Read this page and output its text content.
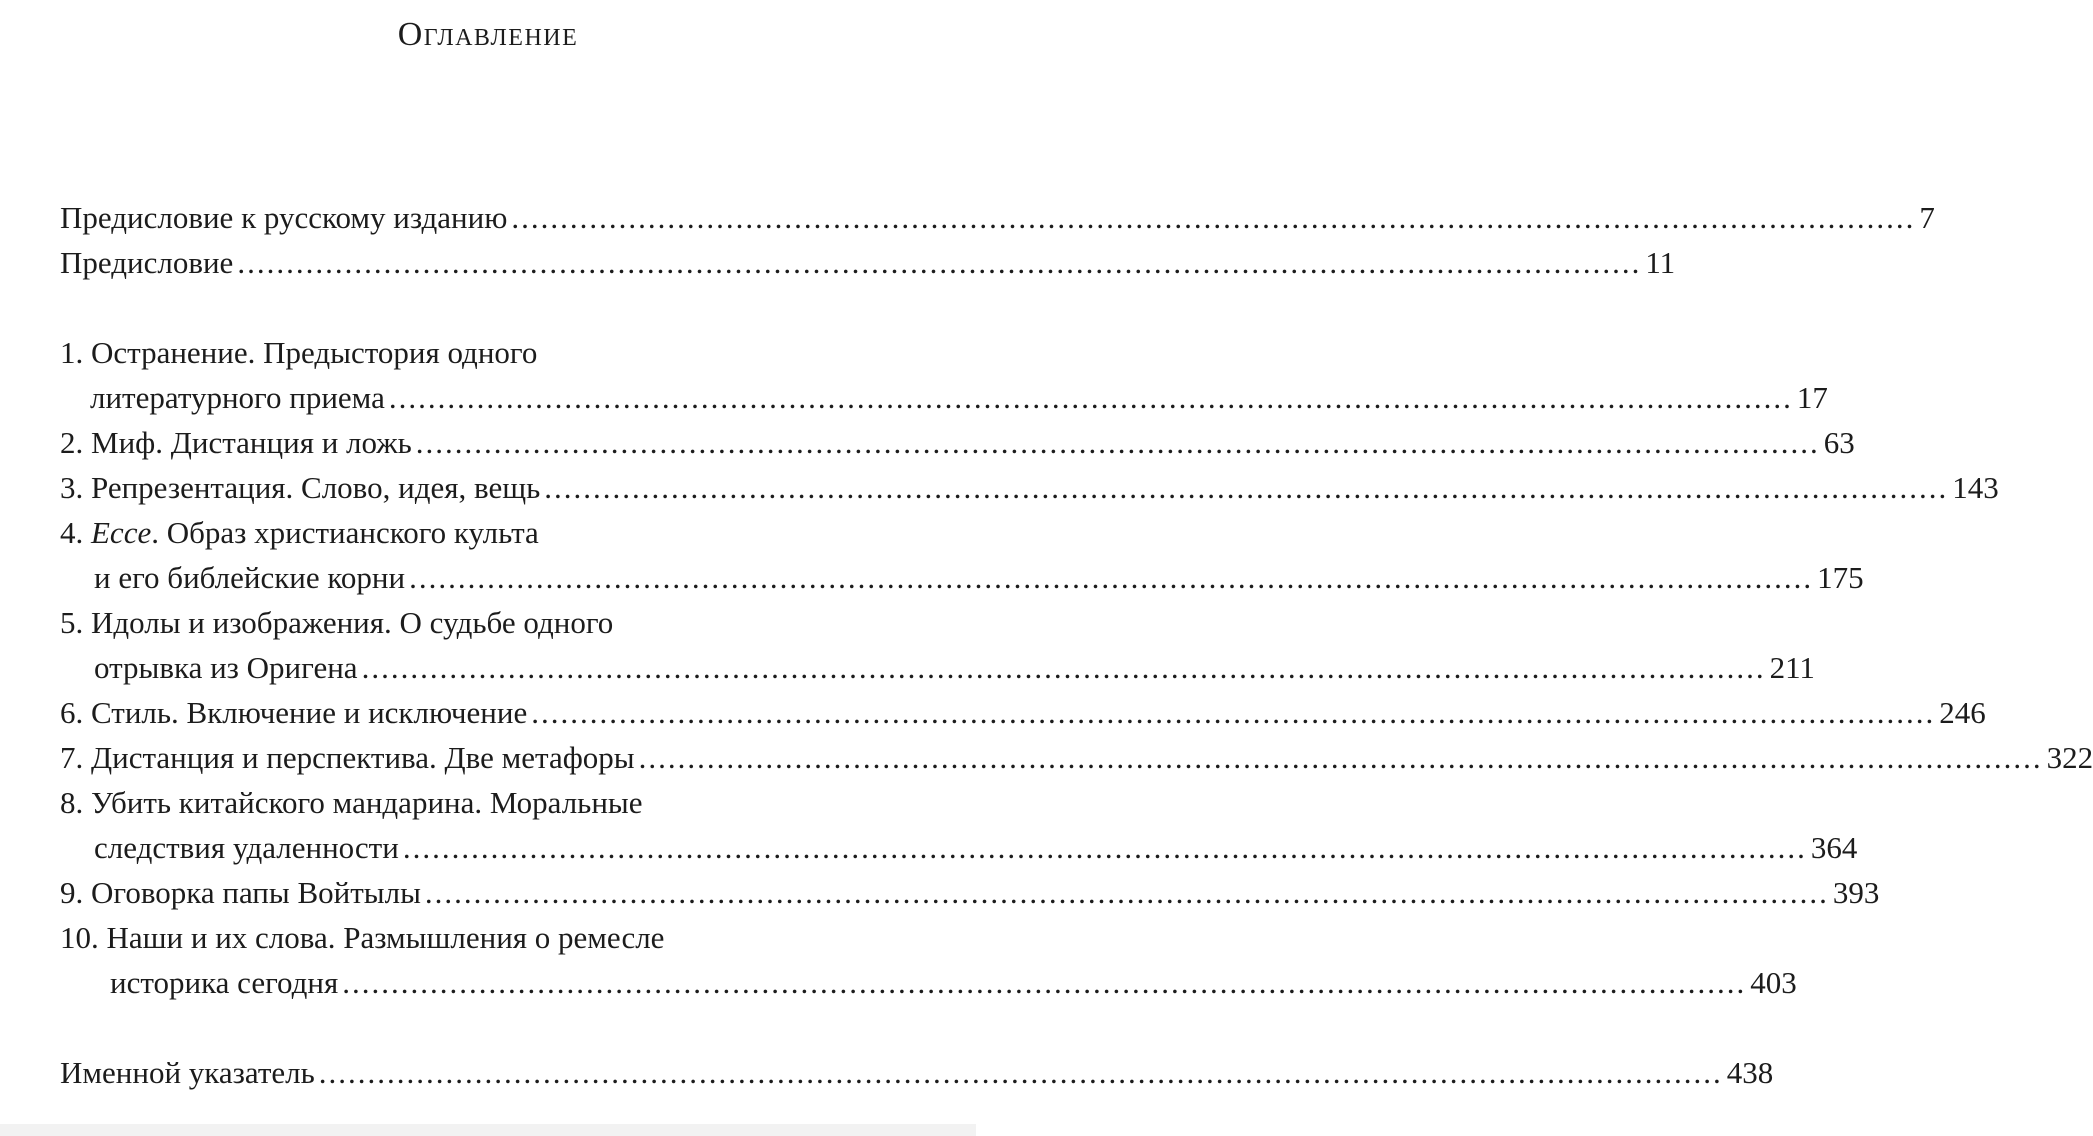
Оглавление
Предисловие к русскому изданию ................................................................................................................................................ 7
Предисловие ................................................................................................................................................ 11
1. Остранение. Предыстория одного
литературного приема ................................................................................................................................................ 17
2. Миф. Дистанция и ложь ................................................................................................................................................ 63
3. Репрезентация. Слово, идея, вещь ................................................................................................................................................ 143
4. Ecce. Образ христианского культа
и его библейские корни ................................................................................................................................................ 175
5. Идолы и изображения. О судьбе одного
отрывка из Оригена ................................................................................................................................................ 211
6. Стиль. Включение и исключение ................................................................................................................................................ 246
7. Дистанция и перспектива. Две метафоры ................................................................................................................................................ 322
8. Убить китайского мандарина. Моральные
следствия удаленности ................................................................................................................................................ 364
9. Оговорка папы Войтылы ................................................................................................................................................ 393
10. Наши и их слова. Размышления о ремесле
историка сегодня ................................................................................................................................................ 403
Именной указатель ................................................................................................................................................ 438
